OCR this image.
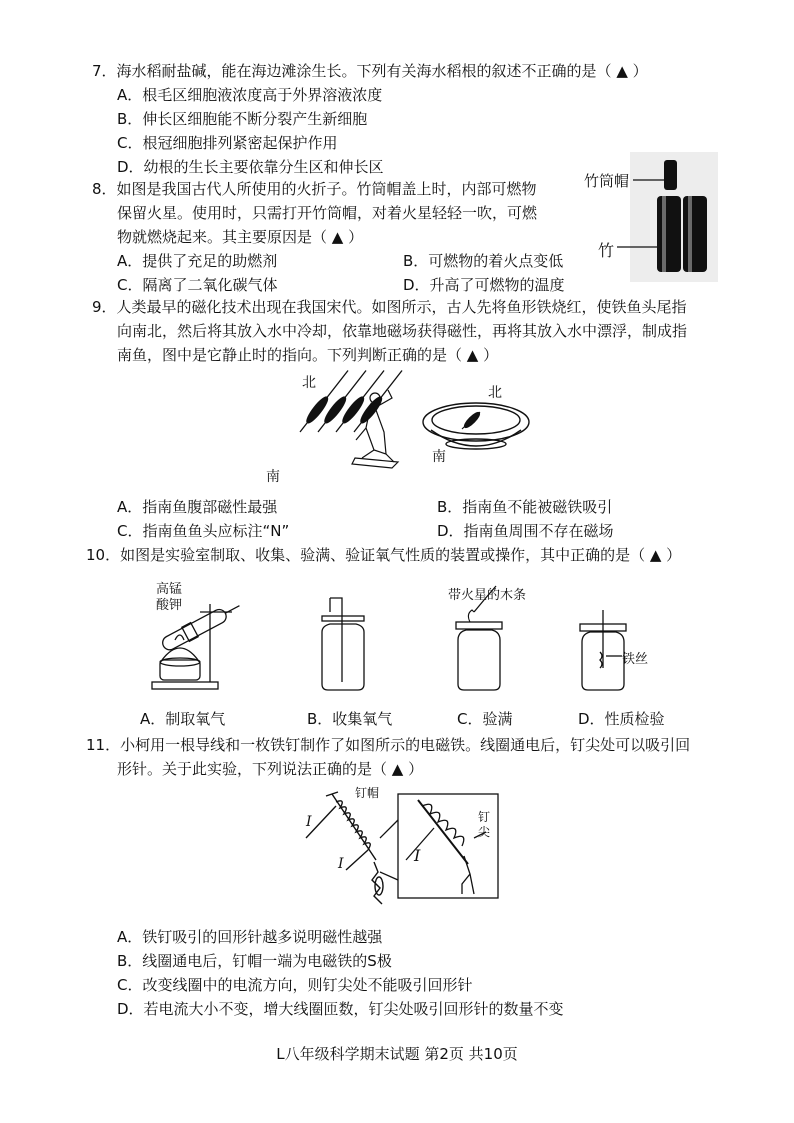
7．海水稻耐盐碱，能在海边滩涂生长。下列有关海水稻根的叙述不正确的是（ ▲ ）
A．根毛区细胞液浓度高于外界溶液浓度
B．伸长区细胞能不断分裂产生新细胞
C．根冠细胞排列紧密起保护作用
D．幼根的生长主要依靠分生区和伸长区
8．如图是我国古代人所使用的火折子。竹筒帽盖上时，内部可燃物
保留火星。使用时，只需打开竹筒帽，对着火星轻轻一吹，可燃
物就燃烧起来。其主要原因是（ ▲ ）
A．提供了充足的助燃剂	B．可燃物的着火点变低
C．隔离了二氧化碳气体	D．升高了可燃物的温度
竹筒帽
竹
9．人类最早的磁化技术出现在我国宋代。如图所示，古人先将鱼形铁烧红，使铁鱼头尾指
向南北，然后将其放入水中冷却，依靠地磁场获得磁性，再将其放入水中漂浮，制成指
南鱼，图中是它静止时的指向。下列判断正确的是（ ▲ ）
北
南
北
南
A．指南鱼腹部磁性最强	B．指南鱼不能被磁铁吸引
C．指南鱼鱼头应标注“N”	D．指南鱼周围不存在磁场
10．如图是实验室制取、收集、验满、验证氧气性质的装置或操作，其中正确的是（ ▲ ）
高锰
酸钾
带火星的木条
铁丝
A．制取氧气	B．收集氧气	C．验满	D．性质检验
11．小柯用一根导线和一枚铁钉制作了如图所示的电磁铁。线圈通电后，钉尖处可以吸引回
形针。关于此实验，下列说法正确的是（ ▲ ）
钉帽
钉
尖
I
I	I
A．铁钉吸引的回形针越多说明磁性越强
B．线圈通电后，钉帽一端为电磁铁的S极
C．改变线圈中的电流方向，则钉尖处不能吸引回形针
D．若电流大小不变，增大线圈匝数，钉尖处吸引回形针的数量不变
L八年级科学期末试题 第2页 共10页
